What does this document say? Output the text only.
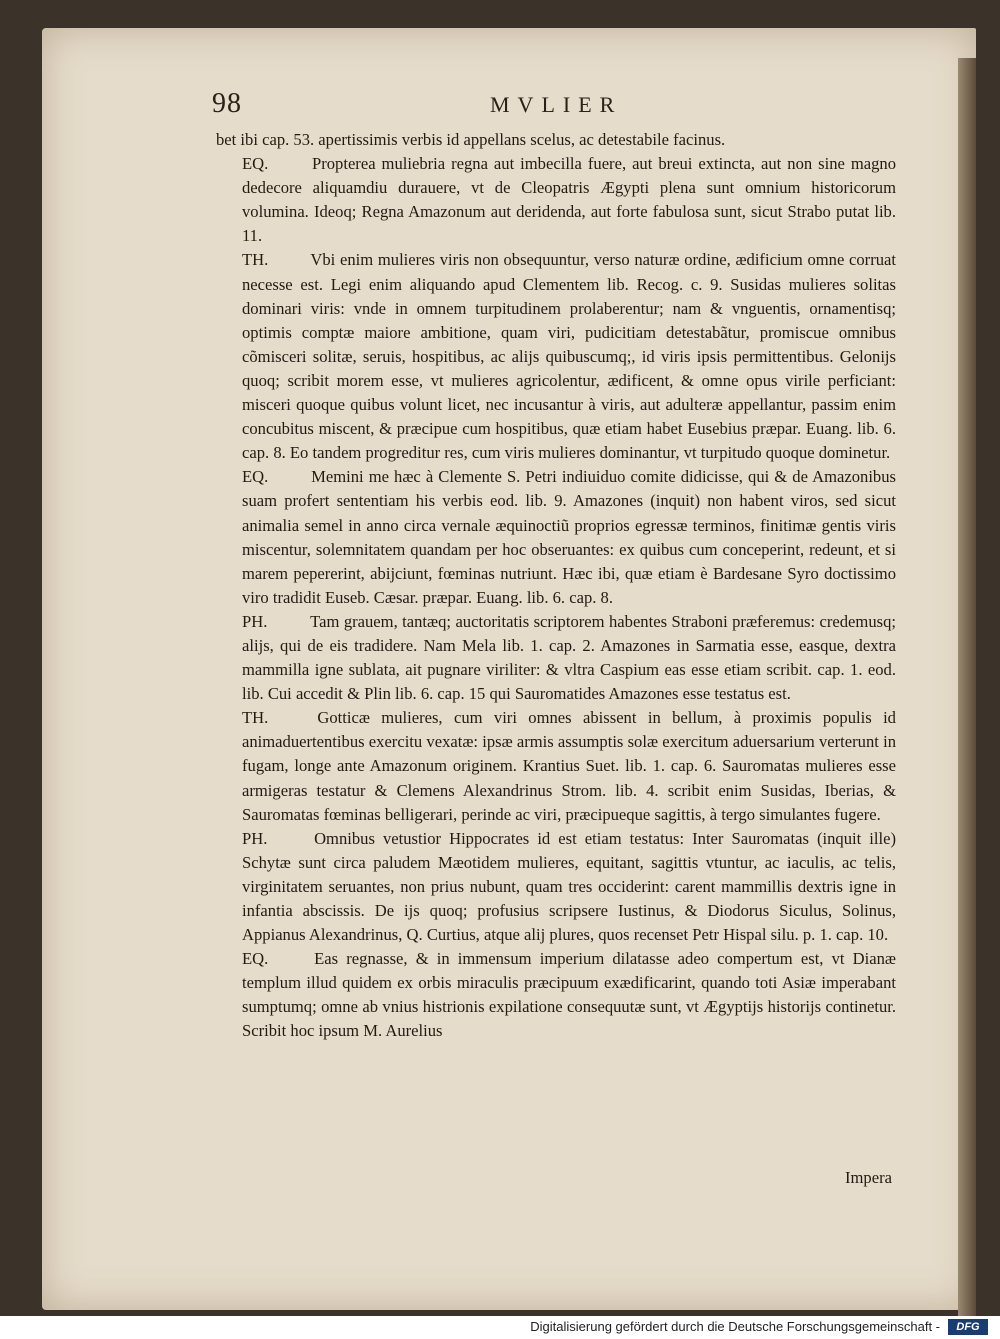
98	MVLIER

bet ibi cap. 53. apertissimis verbis id appellans scelus, ac detestabile facinus.

EQ.	Propterea muliebria regna aut imbecilla fuere, aut breui extincta, aut non sine magno dedecore aliquamdiu durauere, vt de Cleopatris Ægypti plena sunt omnium historicorum volumina. Ideoq; Regna Amazonum aut deridenda, aut forte fabulosa sunt, sicut Strabo putat lib. 11.

TH.	Vbi enim mulieres viris non obsequuntur, verso naturæ ordine, ædificium omne corruat necesse est. Legi enim aliquando apud Clementem lib. Recog. c. 9. Susidas mulieres solitas dominari viris: vnde in omnem turpitudinem prolaberentur; nam & vnguentis, ornamentisq; optimis comptæ maiore ambitione, quam viri, pudicitiam detestabãtur, promiscue omnibus cõmisceri solitæ, seruis, hospitibus, ac alijs quibuscumq;, id viris ipsis permittentibus. Gelonijs quoq; scribit morem esse, vt mulieres agricolentur, ædificent, & omne opus virile perficiant: misceri quoque quibus volunt licet, nec incusantur à viris, aut adulteræ appellantur, passim enim concubitus miscent, & præcipue cum hospitibus, quæ etiam habet Eusebius præpar. Euang. lib. 6. cap. 8. Eo tandem progreditur res, cum viris mulieres dominantur, vt turpitudo quoque dominetur.

EQ.	Memini me hæc à Clemente S. Petri indiuiduo comite didicisse, qui & de Amazonibus suam profert sententiam his verbis eod. lib. 9. Amazones (inquit) non habent viros, sed sicut animalia semel in anno circa vernale æquinoctiũ proprios egressæ terminos, finitimæ gentis viris miscentur, solemnitatem quandam per hoc obseruantes: ex quibus cum conceperint, redeunt, et si marem pepererint, abijciunt, fœminas nutriunt. Hæc ibi, quæ etiam è Bardesane Syro doctissimo viro tradidit Euseb. Cæsar. præpar. Euang. lib. 6. cap. 8.

PH.	Tam grauem, tantæq; auctoritatis scriptorem habentes Straboni præferemus: credemusq; alijs, qui de eis tradidere. Nam Mela lib. 1. cap. 2. Amazones in Sarmatia esse, easque, dextra mammilla igne sublata, ait pugnare viriliter: & vltra Caspium eas esse etiam scribit. cap. 1. eod. lib. Cui accedit & Plin lib. 6. cap. 15 qui Sauromatides Amazones esse testatus est.

TH.	Gotticæ mulieres, cum viri omnes abissent in bellum, à proximis populis id animaduertentibus exercitu vexatæ: ipsæ armis assumptis solæ exercitum aduersarium verterunt in fugam, longe ante Amazonum originem. Krantius Suet. lib. 1. cap. 6. Sauromatas mulieres esse armigeras testatur & Clemens Alexandrinus Strom. lib. 4. scribit enim Susidas, Iberias, & Sauromatas fœminas belligerari, perinde ac viri, præcipueque sagittis, à tergo simulantes fugere.

PH.	Omnibus vetustior Hippocrates id est etiam testatus: Inter Sauromatas (inquit ille) Schytæ sunt circa paludem Mæotidem mulieres, equitant, sagittis vtuntur, ac iaculis, ac telis, virginitatem seruantes, non prius nubunt, quam tres occiderint: carent mammillis dextris igne in infantia abscissis. De ijs quoq; profusius scripsere Iustinus, & Diodorus Siculus, Solinus, Appianus Alexandrinus, Q. Curtius, atque alij plures, quos recenset Petr Hispal silu. p. 1. cap. 10.

EQ.	Eas regnasse, & in immensum imperium dilatasse adeo compertum est, vt Dianæ templum illud quidem ex orbis miraculis præcipuum exædificarint, quando toti Asiæ imperabant sumptumq; omne ab vnius histrionis expilatione consequutæ sunt, vt Ægyptijs historijs continetur. Scribit hoc ipsum M. Aurelius

Impera
Digitalisierung gefördert durch die Deutsche Forschungsgemeinschaft -	DFG
